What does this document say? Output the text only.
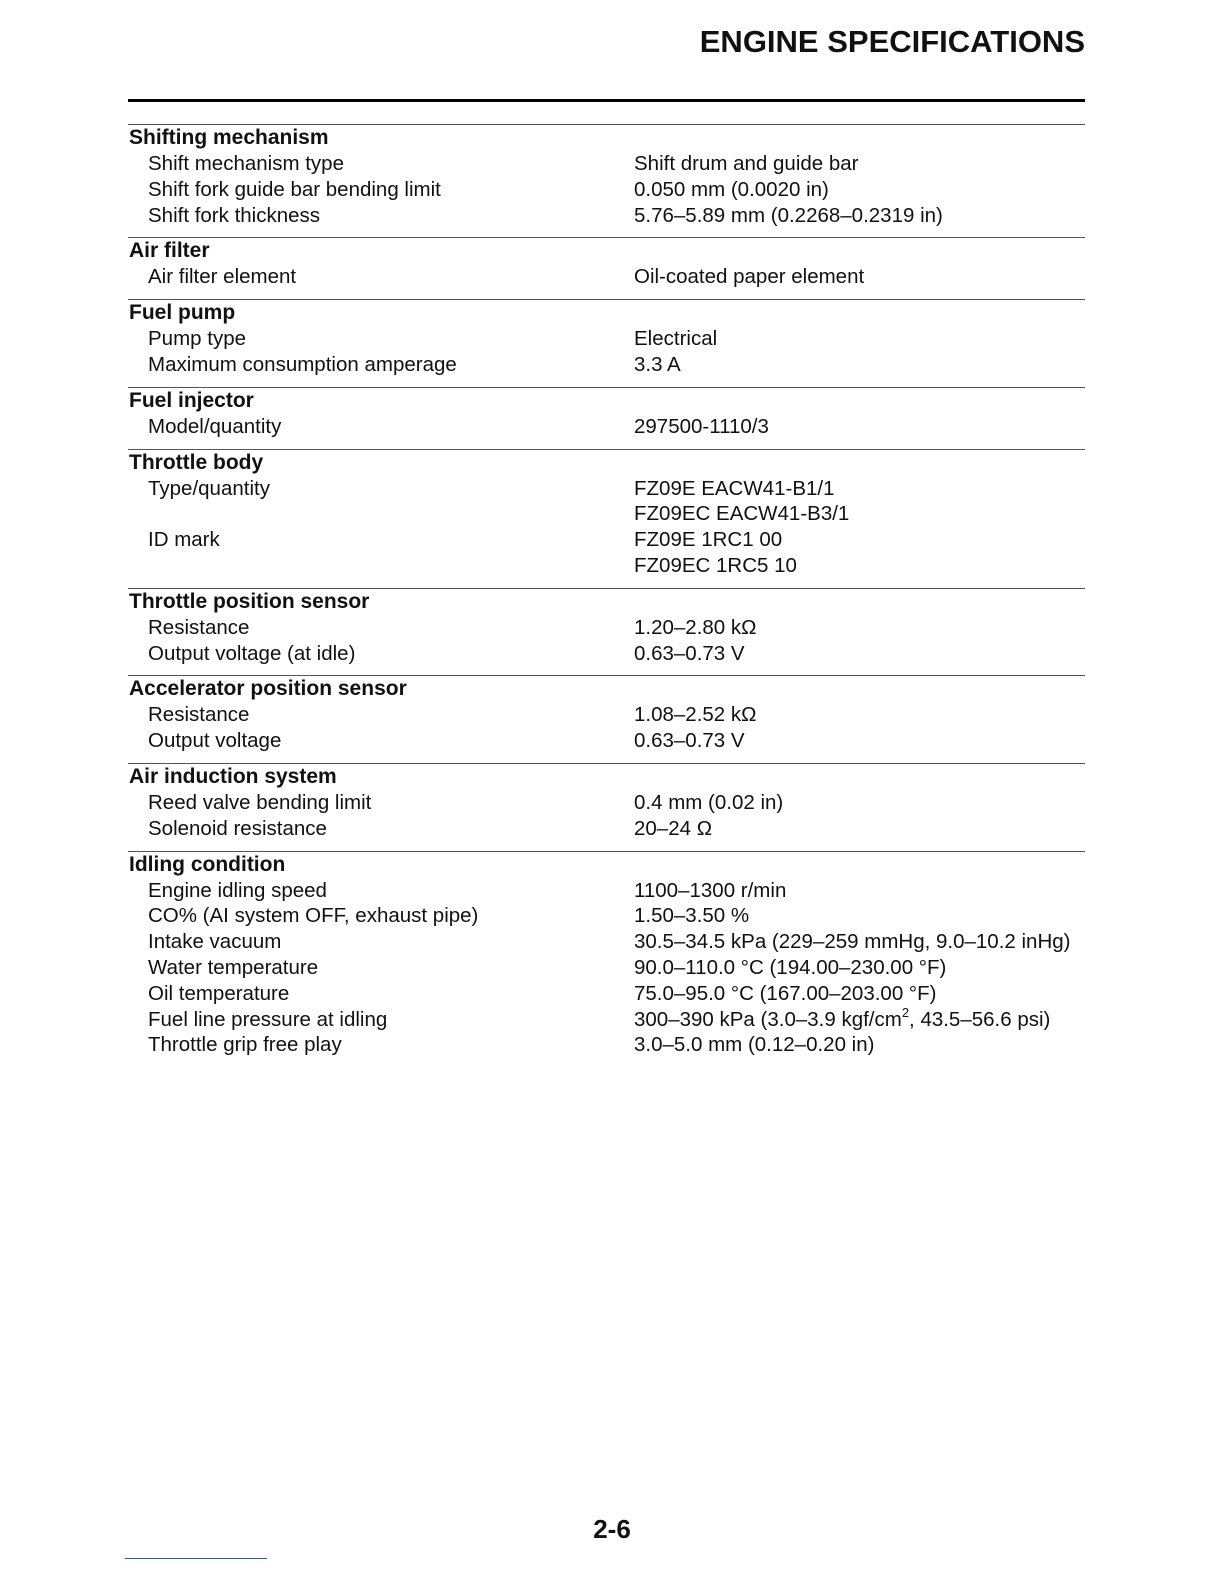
ENGINE SPECIFICATIONS
Shifting mechanism
Shift mechanism type	Shift drum and guide bar
Shift fork guide bar bending limit	0.050 mm (0.0020 in)
Shift fork thickness	5.76–5.89 mm (0.2268–0.2319 in)
Air filter
Air filter element	Oil-coated paper element
Fuel pump
Pump type	Electrical
Maximum consumption amperage	3.3 A
Fuel injector
Model/quantity	297500-1110/3
Throttle body
Type/quantity	FZ09E EACW41-B1/1
FZ09EC EACW41-B3/1
ID mark	FZ09E 1RC1 00
FZ09EC 1RC5 10
Throttle position sensor
Resistance	1.20–2.80 kΩ
Output voltage (at idle)	0.63–0.73 V
Accelerator position sensor
Resistance	1.08–2.52 kΩ
Output voltage	0.63–0.73 V
Air induction system
Reed valve bending limit	0.4 mm (0.02 in)
Solenoid resistance	20–24 Ω
Idling condition
Engine idling speed	1100–1300 r/min
CO% (AI system OFF, exhaust pipe)	1.50–3.50 %
Intake vacuum	30.5–34.5 kPa (229–259 mmHg, 9.0–10.2 inHg)
Water temperature	90.0–110.0 °C (194.00–230.00 °F)
Oil temperature	75.0–95.0 °C (167.00–203.00 °F)
Fuel line pressure at idling	300–390 kPa (3.0–3.9 kgf/$cm^2$, 43.5–56.6 psi)
Throttle grip free play	3.0–5.0 mm (0.12–0.20 in)
2-6
